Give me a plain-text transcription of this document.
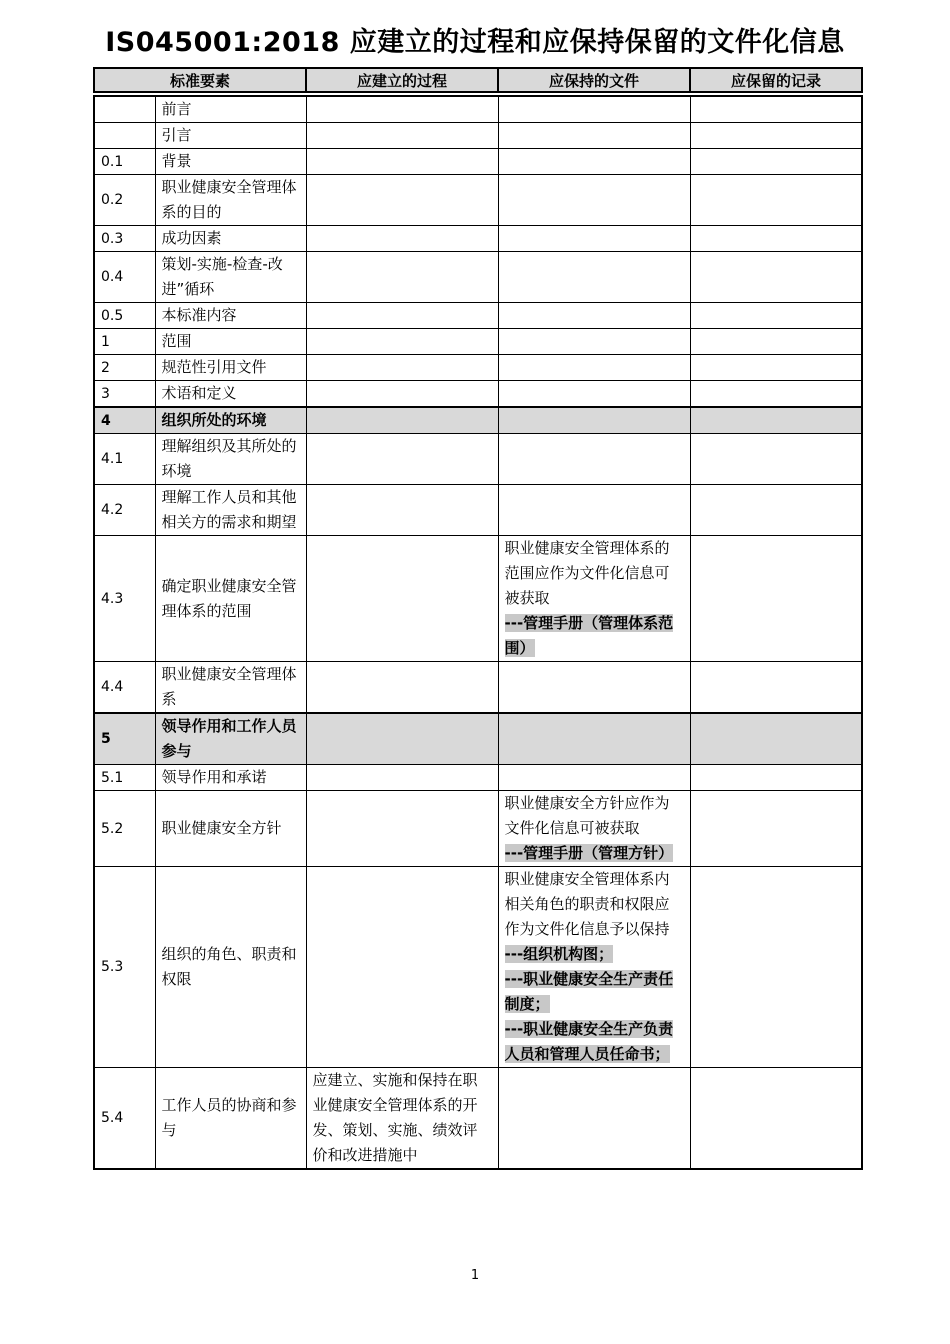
IS045001:2018 应建立的过程和应保持保留的文件化信息
标准要素	应建立的过程	应保持的文件	应保留的记录
	前言			
	引言			
0.1	背景			
0.2	职业健康安全管理体系的目的			
0.3	成功因素			
0.4	策划-实施-检查-改进”循环			
0.5	本标准内容			
1	范围			
2	规范性引用文件			
3	术语和定义			
4	组织所处的环境			
4.1	理解组织及其所处的环境			
4.2	理解工作人员和其他相关方的需求和期望			
4.3	确定职业健康安全管理体系的范围		职业健康安全管理体系的范围应作为文件化信息可被获取
---管理手册（管理体系范围）	
4.4	职业健康安全管理体系			
5	领导作用和工作人员参与			
5.1	领导作用和承诺			
5.2	职业健康安全方针		职业健康安全方针应作为文件化信息可被获取
---管理手册（管理方针）	
5.3	组织的角色、职责和权限		职业健康安全管理体系内相关角色的职责和权限应作为文件化信息予以保持
---组织机构图；
---职业健康安全生产责任制度；
---职业健康安全生产负责人员和管理人员任命书；	
5.4	工作人员的协商和参与	应建立、实施和保持在职业健康安全管理体系的开发、策划、实施、绩效评价和改进措施中		
1
